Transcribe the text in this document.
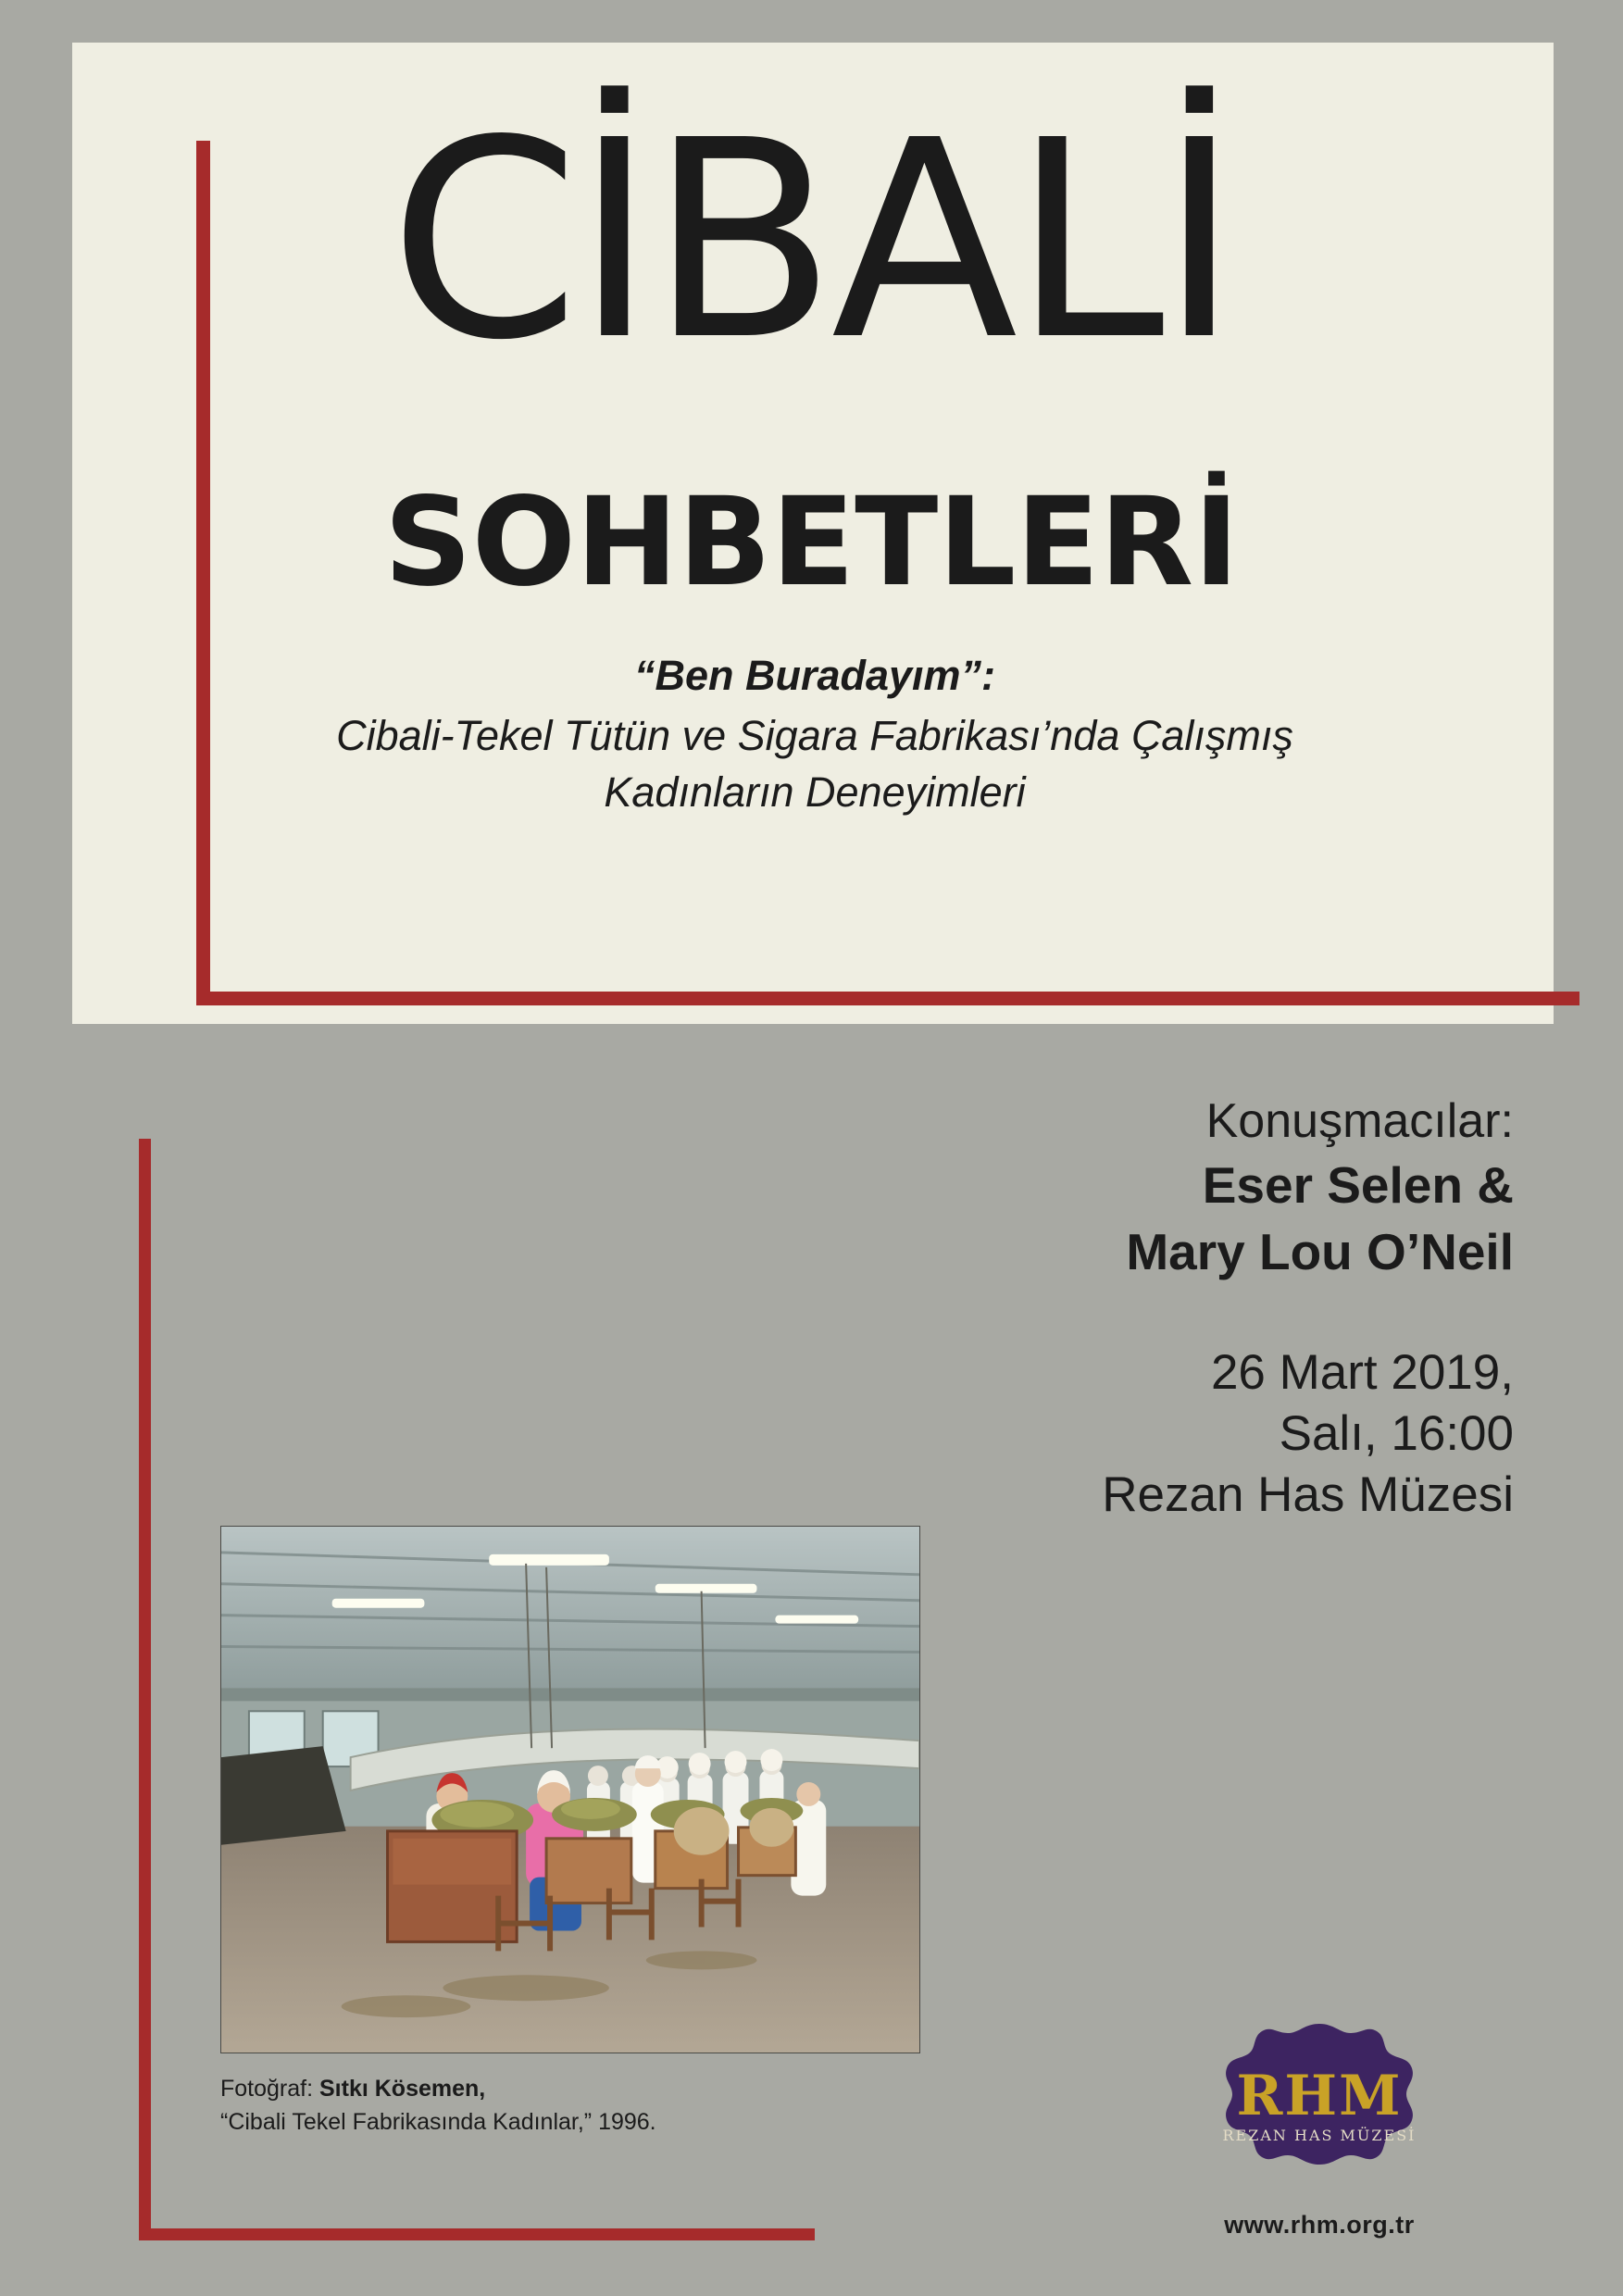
CİBALİ
SOHBETLERİ
“Ben Buradayım”:
Cibali-Tekel Tütün ve Sigara Fabrikası’nda Çalışmış
Kadınların Deneyimleri
Konuşmacılar:
Eser Selen &
Mary Lou O’Neil
26 Mart 2019,
Salı, 16:00
Rezan Has Müzesi
Fotoğraf: Sıtkı Kösemen,
“Cibali Tekel Fabrikasında Kadınlar,” 1996.	RHM
REZAN HAS MÜZESİ
www.rhm.org.tr
